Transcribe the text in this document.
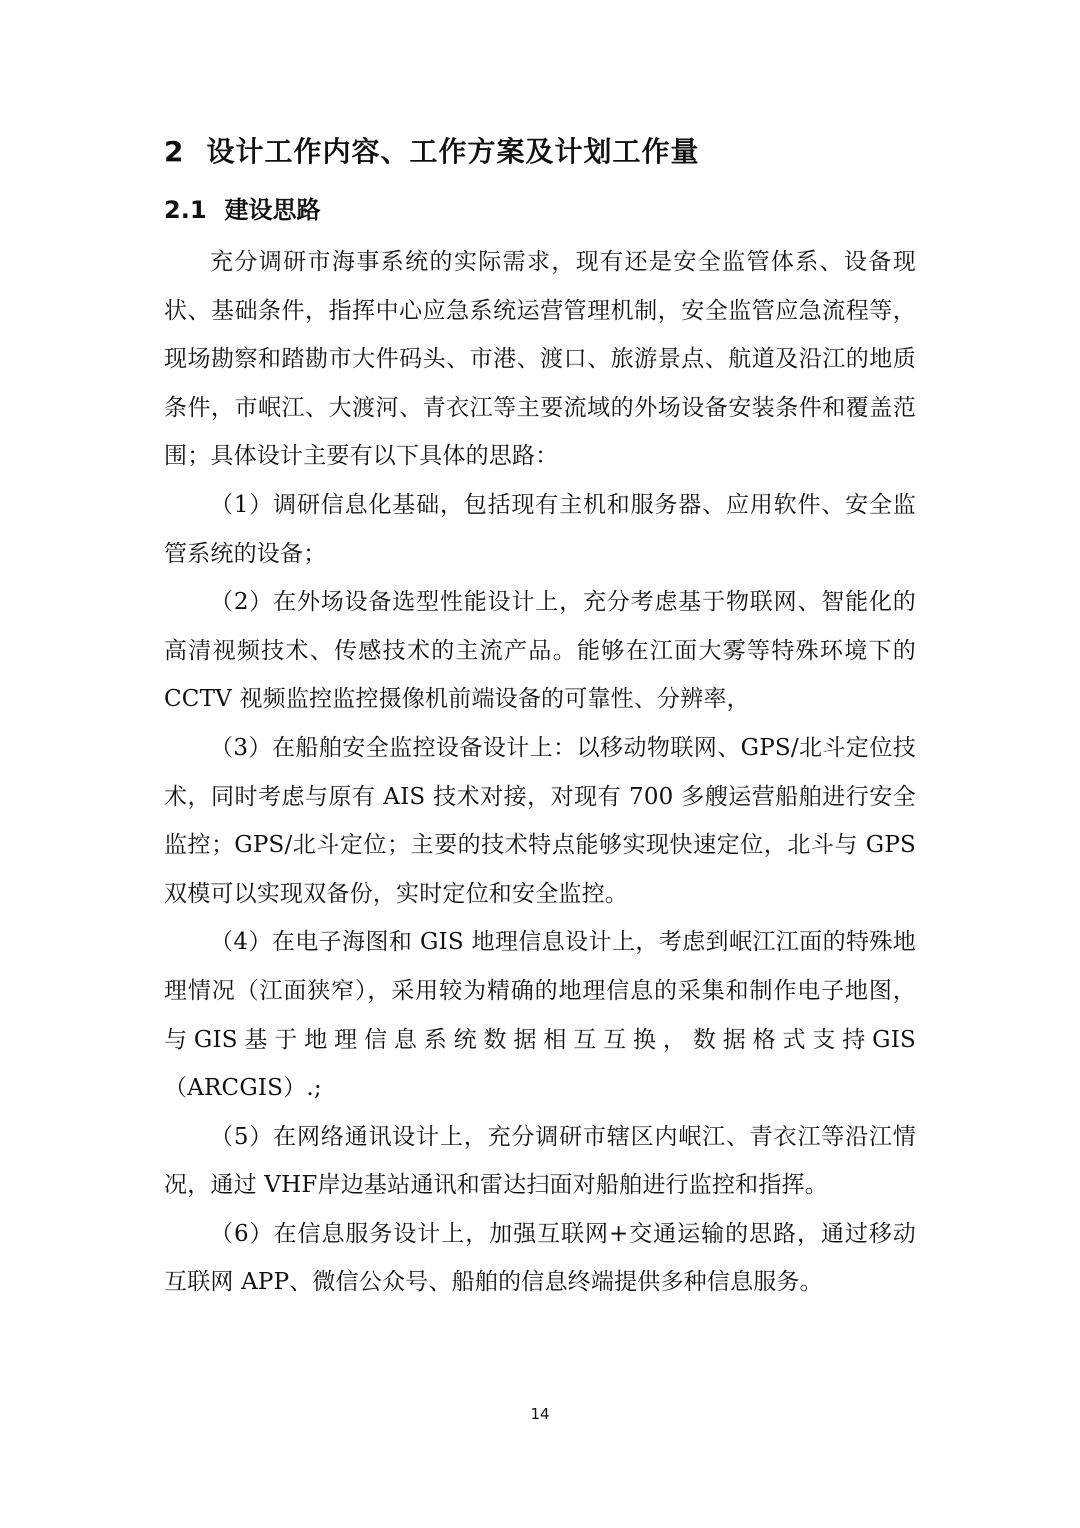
2 设计工作内容、工作方案及计划工作量
2.1 建设思路

充分调研市海事系统的实际需求，现有还是安全监管体系、设备现状、基础条件，指挥中心应急系统运营管理机制，安全监管应急流程等，现场勘察和踏勘市大件码头、市港、渡口、旅游景点、航道及沿江的地质条件，市岷江、大渡河、青衣江等主要流域的外场设备安装条件和覆盖范围；具体设计主要有以下具体的思路：

（1）调研信息化基础，包括现有主机和服务器、应用软件、安全监管系统的设备；

（2）在外场设备选型性能设计上，充分考虑基于物联网、智能化的高清视频技术、传感技术的主流产品。能够在江面大雾等特殊环境下的 CCTV 视频监控监控摄像机前端设备的可靠性、分辨率，

（3）在船舶安全监控设备设计上：以移动物联网、GPS/北斗定位技术，同时考虑与原有 AIS 技术对接，对现有 700 多艘运营船舶进行安全监控；GPS/北斗定位；主要的技术特点能够实现快速定位，北斗与 GPS 双模可以实现双备份，实时定位和安全监控。

（4）在电子海图和 GIS 地理信息设计上，考虑到岷江江面的特殊地理情况（江面狭窄），采用较为精确的地理信息的采集和制作电子地图，与GIS基于地理信息系统数据相互互换，数据格式支持GIS（ARCGIS）.;

（5）在网络通讯设计上，充分调研市辖区内岷江、青衣江等沿江情况，通过 VHF岸边基站通讯和雷达扫面对船舶进行监控和指挥。

（6）在信息服务设计上，加强互联网+交通运输的思路，通过移动互联网 APP、微信公众号、船舶的信息终端提供多种信息服务。

14
